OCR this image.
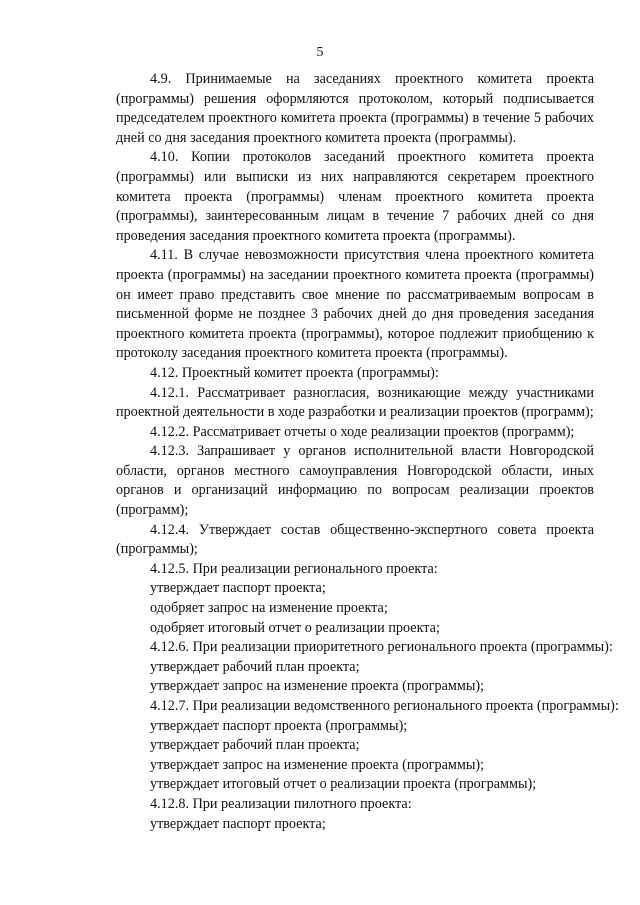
5

4.9. Принимаемые на заседаниях проектного комитета проекта (программы) решения оформляются протоколом, который подписывается председателем проектного комитета проекта (программы) в течение 5 рабочих дней со дня заседания проектного комитета проекта (программы).

4.10. Копии протоколов заседаний проектного комитета проекта (программы) или выписки из них направляются секретарем проектного комитета проекта (программы) членам проектного комитета проекта (программы), заинтересованным лицам в течение 7 рабочих дней со дня проведения заседания проектного комитета проекта (программы).

4.11. В случае невозможности присутствия члена проектного комитета проекта (программы) на заседании проектного комитета проекта (программы) он имеет право представить свое мнение по рассматриваемым вопросам в письменной форме не позднее 3 рабочих дней до дня проведения заседания проектного комитета проекта (программы), которое подлежит приобщению к протоколу заседания проектного комитета проекта (программы).

4.12. Проектный комитет проекта (программы):

4.12.1. Рассматривает разногласия, возникающие между участниками проектной деятельности в ходе разработки и реализации проектов (программ);

4.12.2. Рассматривает отчеты о ходе реализации проектов (программ);

4.12.3. Запрашивает у органов исполнительной власти Новгородской области, органов местного самоуправления Новгородской области, иных органов и организаций информацию по вопросам реализации проектов (программ);

4.12.4. Утверждает состав общественно-экспертного совета проекта (программы);

4.12.5. При реализации регионального проекта:

утверждает паспорт проекта;

одобряет запрос на изменение проекта;

одобряет итоговый отчет о реализации проекта;

4.12.6. При реализации приоритетного регионального проекта (программы):

утверждает рабочий план проекта;

утверждает запрос на изменение проекта (программы);

4.12.7. При реализации ведомственного регионального проекта (программы):

утверждает паспорт проекта (программы);

утверждает рабочий план проекта;

утверждает запрос на изменение проекта (программы);

утверждает итоговый отчет о реализации проекта (программы);

4.12.8. При реализации пилотного проекта:

утверждает паспорт проекта;
